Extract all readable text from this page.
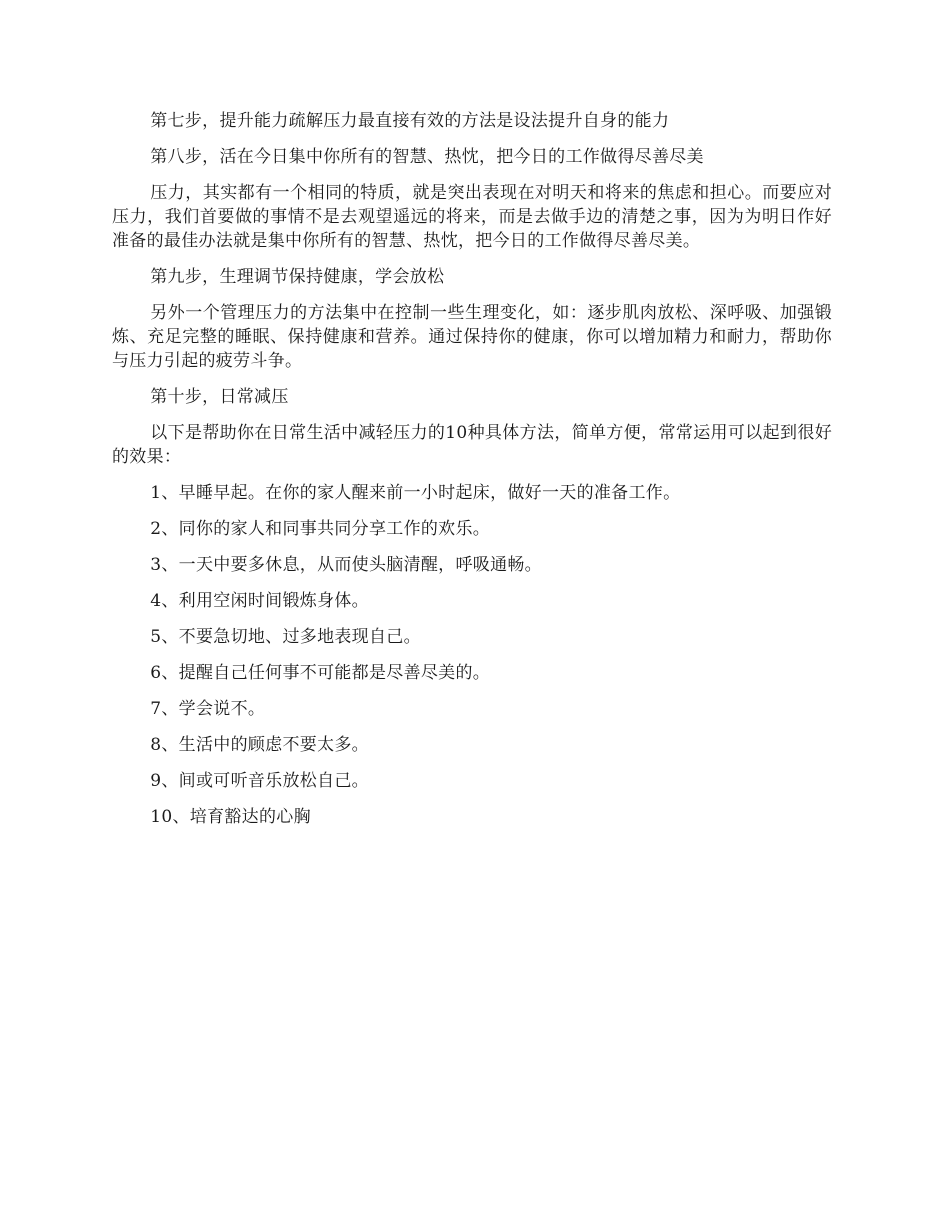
第七步，提升能力疏解压力最直接有效的方法是设法提升自身的能力

第八步，活在今日集中你所有的智慧、热忱，把今日的工作做得尽善尽美

压力，其实都有一个相同的特质，就是突出表现在对明天和将来的焦虑和担心。而要应对压力，我们首要做的事情不是去观望遥远的将来，而是去做手边的清楚之事，因为为明日作好准备的最佳办法就是集中你所有的智慧、热忱，把今日的工作做得尽善尽美。

第九步，生理调节保持健康，学会放松

另外一个管理压力的方法集中在控制一些生理变化，如：逐步肌肉放松、深呼吸、加强锻炼、充足完整的睡眠、保持健康和营养。通过保持你的健康，你可以增加精力和耐力，帮助你与压力引起的疲劳斗争。

第十步，日常减压

以下是帮助你在日常生活中减轻压力的10种具体方法，简单方便，常常运用可以起到很好的效果：

1、早睡早起。在你的家人醒来前一小时起床，做好一天的准备工作。

2、同你的家人和同事共同分享工作的欢乐。

3、一天中要多休息，从而使头脑清醒，呼吸通畅。

4、利用空闲时间锻炼身体。

5、不要急切地、过多地表现自己。

6、提醒自己任何事不可能都是尽善尽美的。

7、学会说不。

8、生活中的顾虑不要太多。

9、间或可听音乐放松自己。

10、培育豁达的心胸
